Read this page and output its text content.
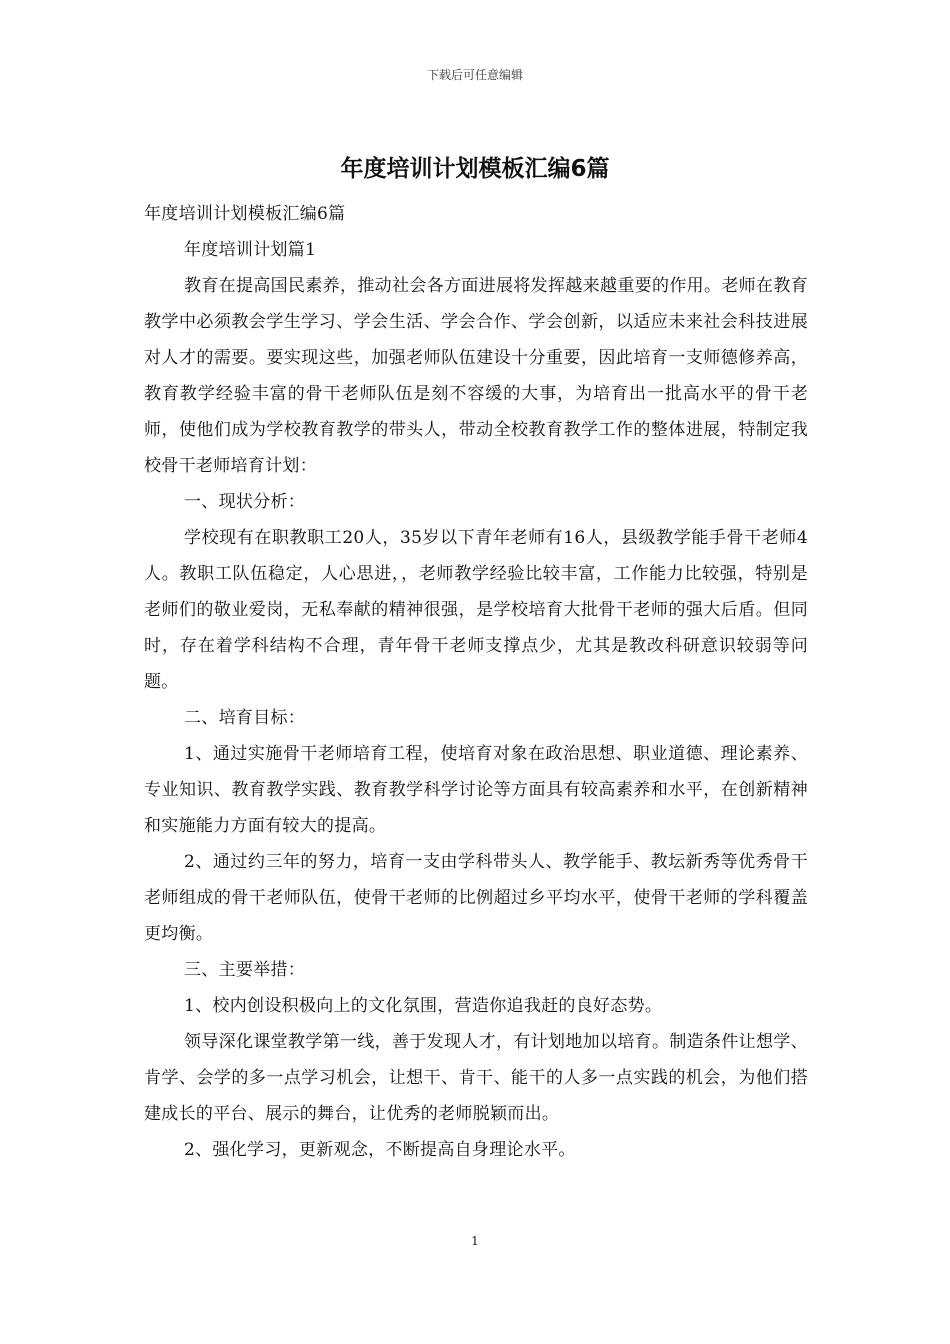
下载后可任意编辑
年度培训计划模板汇编6篇

年度培训计划模板汇编6篇

年度培训计划篇1

教育在提高国民素养，推动社会各方面进展将发挥越来越重要的作用。老师在教育教学中必须教会学生学习、学会生活、学会合作、学会创新，以适应未来社会科技进展对人才的需要。要实现这些，加强老师队伍建设十分重要，因此培育一支师德修养高，教育教学经验丰富的骨干老师队伍是刻不容缓的大事，为培育出一批高水平的骨干老师，使他们成为学校教育教学的带头人，带动全校教育教学工作的整体进展，特制定我校骨干老师培育计划：

一、现状分析：

学校现有在职教职工20人，35岁以下青年老师有16人，县级教学能手骨干老师4人。教职工队伍稳定，人心思进，，老师教学经验比较丰富，工作能力比较强，特别是老师们的敬业爱岗，无私奉献的精神很强，是学校培育大批骨干老师的强大后盾。但同时，存在着学科结构不合理，青年骨干老师支撑点少，尤其是教改科研意识较弱等问题。

二、培育目标：

1、通过实施骨干老师培育工程，使培育对象在政治思想、职业道德、理论素养、专业知识、教育教学实践、教育教学科学讨论等方面具有较高素养和水平，在创新精神和实施能力方面有较大的提高。

2、通过约三年的努力，培育一支由学科带头人、教学能手、教坛新秀等优秀骨干老师组成的骨干老师队伍，使骨干老师的比例超过乡平均水平，使骨干老师的学科覆盖更均衡。

三、主要举措：

1、校内创设积极向上的文化氛围，营造你追我赶的良好态势。

领导深化课堂教学第一线，善于发现人才，有计划地加以培育。制造条件让想学、肯学、会学的多一点学习机会，让想干、肯干、能干的人多一点实践的机会，为他们搭建成长的平台、展示的舞台，让优秀的老师脱颖而出。

2、强化学习，更新观念，不断提高自身理论水平。

1
